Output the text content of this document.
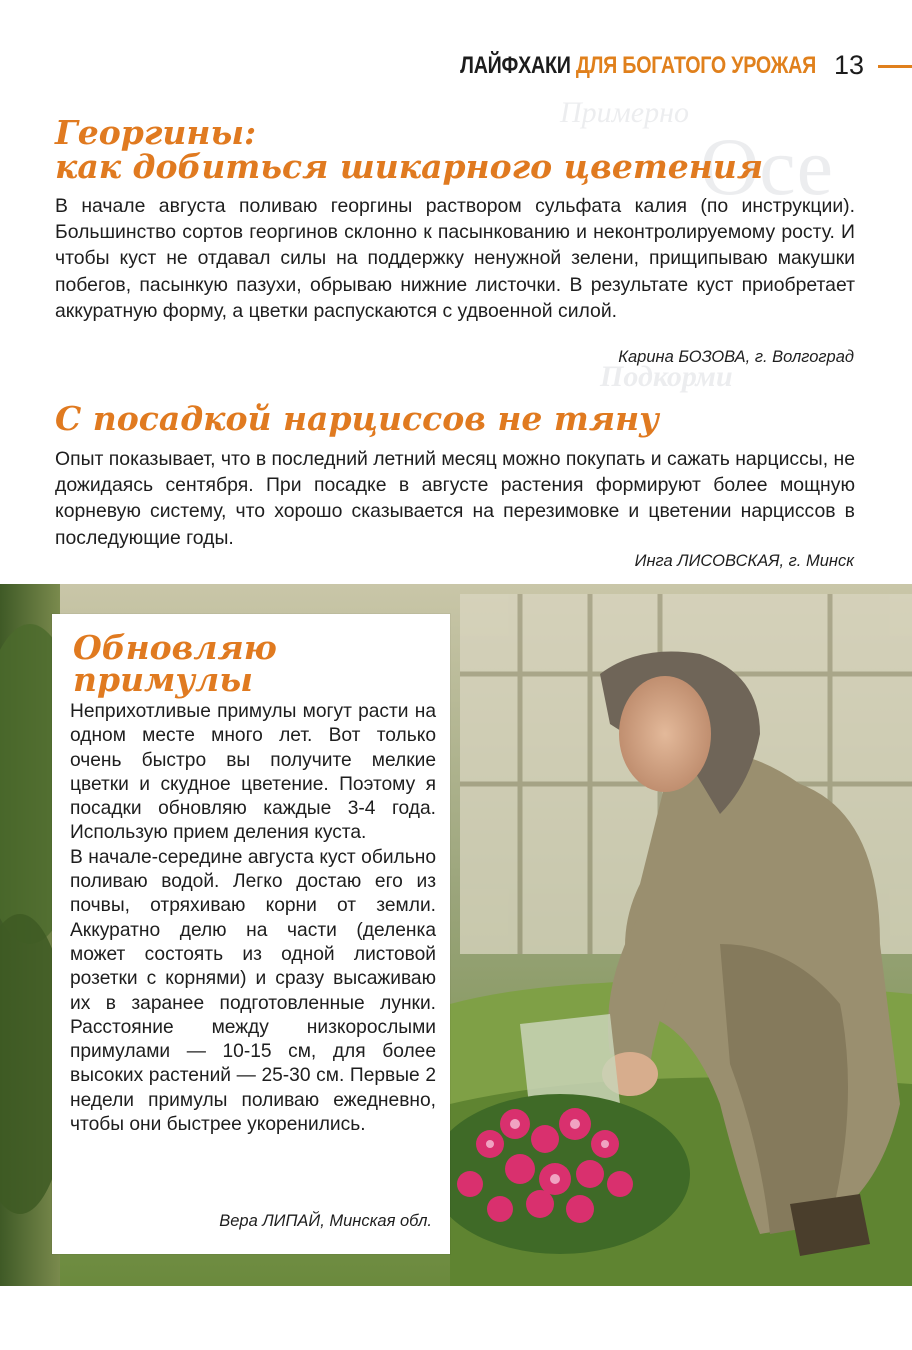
Примерно
Осе
Подкорми
ЛАЙФХАКИ ДЛЯ БОГАТОГО УРОЖАЯ 13
Георгины:
как добиться шикарного цветения

В начале августа поливаю георгины раствором сульфата калия (по инструкции). Большинство сортов георгинов склонно к пасынкованию и неконтролируемому росту. И чтобы куст не отдавал силы на поддержку ненужной зелени, прищипываю макушки побегов, пасынкую пазухи, обрываю нижние листочки. В результате куст приобретает аккуратную форму, а цветки распускаются с удвоенной силой.

Карина БОЗОВА, г. Волгоград
С посадкой нарциссов не тяну

Опыт показывает, что в последний летний месяц можно покупать и сажать нарциссы, не дожидаясь сентября. При посадке в августе растения формируют более мощную корневую систему, что хорошо сказывается на перезимовке и цветении нарциссов в последующие годы.

Инга ЛИСОВСКАЯ, г. Минск
Обновляю
примулы

Неприхотливые примулы могут расти на одном месте много лет. Вот только очень быстро вы получите мелкие цветки и скудное цветение. Поэтому я посадки обновляю каждые 3-4 года. Использую прием деления куста.

В начале-середине августа куст обильно поливаю водой. Легко достаю его из почвы, отряхиваю корни от земли. Аккуратно делю на части (деленка может состоять из одной листовой розетки с корнями) и сразу высаживаю их в заранее подготовленные лунки. Расстояние между низкорослыми примулами — 10-15 см, для более высоких растений — 25-30 см. Первые 2 недели примулы поливаю ежедневно, чтобы они быстрее укоренились.

Вера ЛИПАЙ, Минская обл.
